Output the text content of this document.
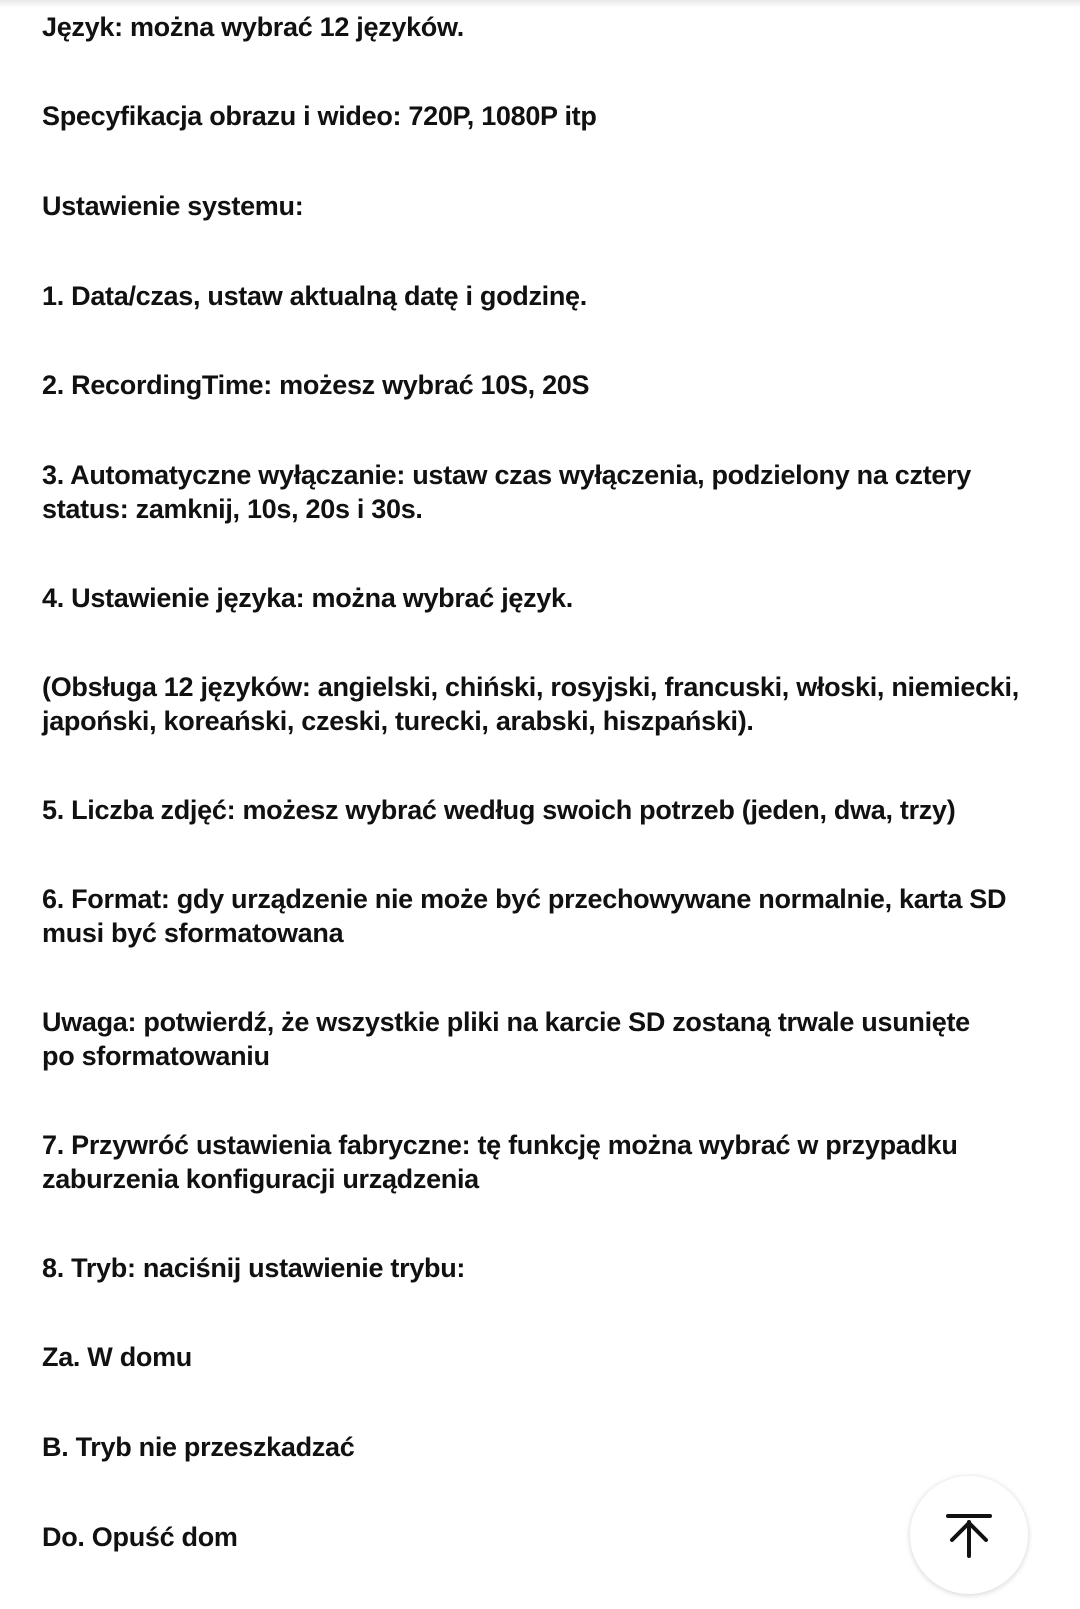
Język: można wybrać 12 języków.

Specyfikacja obrazu i wideo: 720P, 1080P itp

Ustawienie systemu:

1. Data/czas, ustaw aktualną datę i godzinę.

2. RecordingTime: możesz wybrać 10S, 20S

3. Automatyczne wyłączanie: ustaw czas wyłączenia, podzielony na cztery status: zamknij, 10s, 20s i 30s.

4. Ustawienie języka: można wybrać język.

(Obsługa 12 języków: angielski, chiński, rosyjski, francuski, włoski, niemiecki, japoński, koreański, czeski, turecki, arabski, hiszpański).

5. Liczba zdjęć: możesz wybrać według swoich potrzeb (jeden, dwa, trzy)

6. Format: gdy urządzenie nie może być przechowywane normalnie, karta SD musi być sformatowana

Uwaga: potwierdź, że wszystkie pliki na karcie SD zostaną trwale usunięte po sformatowaniu

7. Przywróć ustawienia fabryczne: tę funkcję można wybrać w przypadku zaburzenia konfiguracji urządzenia

8. Tryb: naciśnij ustawienie trybu:

Za. W domu

B. Tryb nie przeszkadzać

Do. Opuść dom
